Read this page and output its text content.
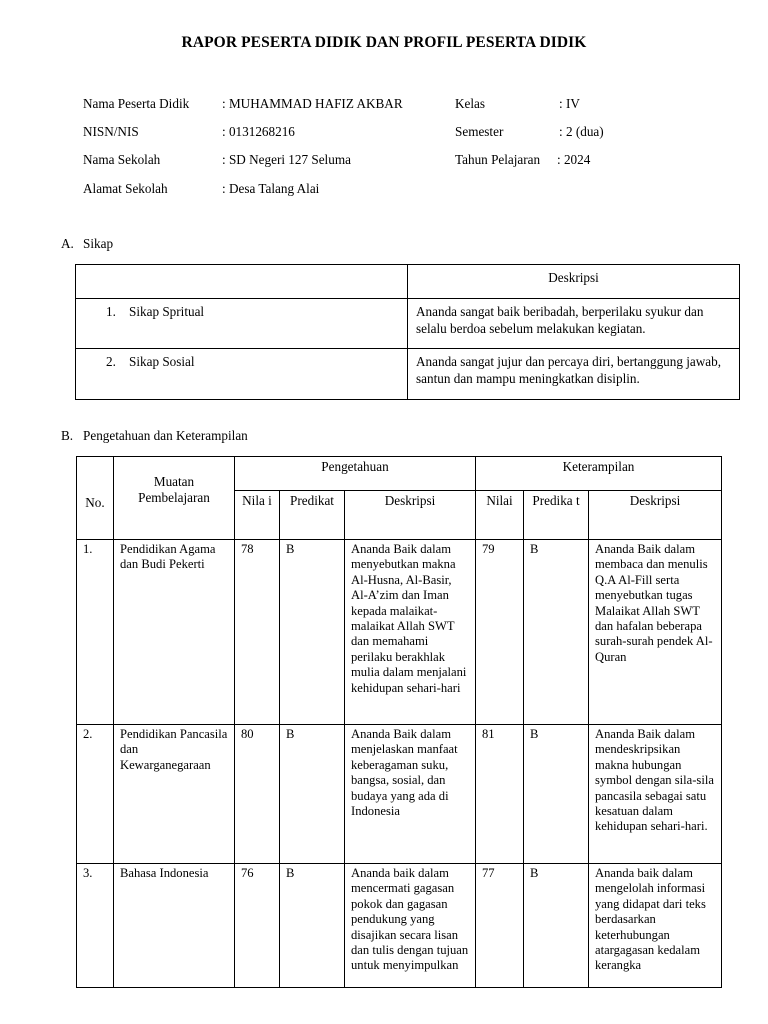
RAPOR PESERTA DIDIK DAN PROFIL PESERTA DIDIK
Nama Peserta Didik : MUHAMMAD HAFIZ AKBAR	Kelas	: IV
NISN/NIS	: 0131268216	Semester	: 2 (dua)
Nama Sekolah	: SD Negeri 127 Seluma	Tahun Pelajaran : 2024
Alamat Sekolah	: Desa Talang Alai
A. Sikap
	Deskripsi
1. Sikap Spritual	Ananda sangat baik beribadah, berperilaku syukur dan selalu berdoa sebelum melakukan kegiatan.
2. Sikap Sosial	Ananda sangat jujur dan percaya diri, bertanggung jawab, santun dan mampu meningkatkan disiplin.
B. Pengetahuan dan Keterampilan
No.	Muatan Pembelajaran	Pengetahuan			Keterampilan		
		Nila i	Predikat	Deskripsi	Nilai	Predika t	Deskripsi
1.	Pendidikan Agama dan Budi Pekerti	78	B	Ananda Baik dalam menyebutkan makna Al-Husna, Al-Basir, Al-A’zim dan Iman kepada malaikat-malaikat Allah SWT dan memahami perilaku berakhlak mulia dalam menjalani kehidupan sehari-hari	79	B	Ananda Baik dalam membaca dan menulis Q.A Al-Fill serta menyebutkan tugas Malaikat Allah SWT dan hafalan beberapa surah-surah pendek Al-Quran
2.	Pendidikan Pancasila dan Kewarganegaraan	80	B	Ananda Baik dalam menjelaskan manfaat keberagaman suku, bangsa, sosial, dan budaya yang ada di Indonesia	81	B	Ananda Baik dalam mendeskripsikan makna hubungan symbol dengan sila-sila pancasila sebagai satu kesatuan dalam kehidupan sehari-hari.
3.	Bahasa Indonesia	76	B	Ananda baik dalam mencermati gagasan pokok dan gagasan pendukung yang disajikan secara lisan dan tulis dengan tujuan untuk menyimpulkan	77	B	Ananda baik dalam mengelolah informasi yang didapat dari teks berdasarkan keterhubungan atargagasan kedalam kerangka
